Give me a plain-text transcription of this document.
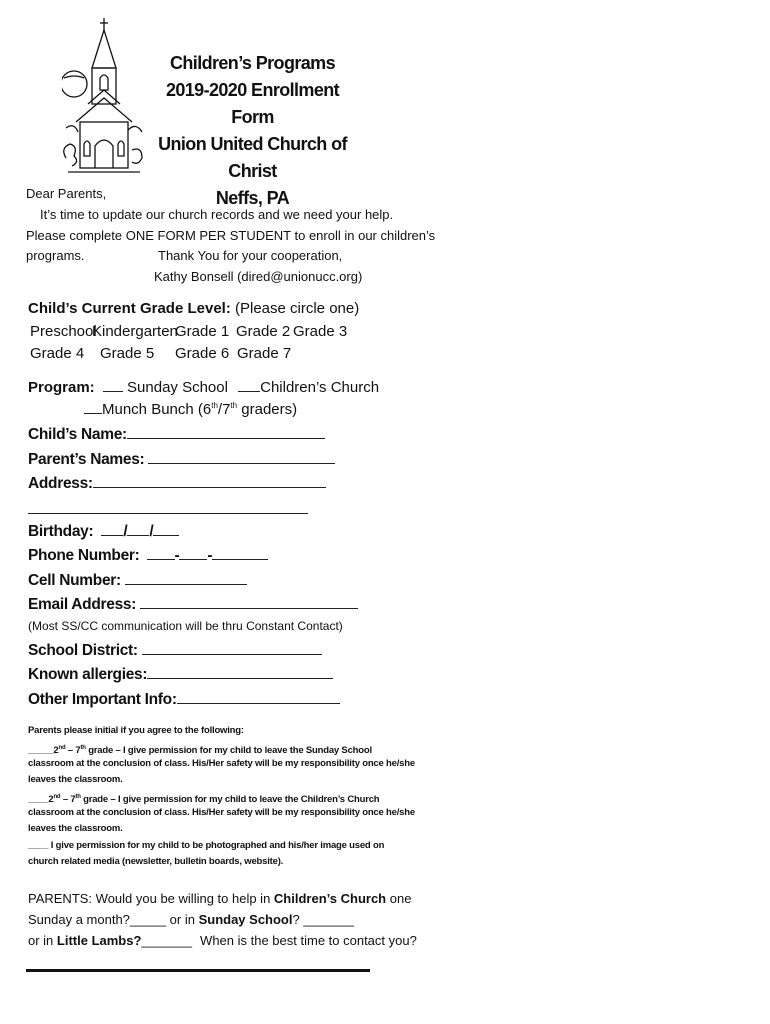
Children’s Programs
2019-2020 Enrollment Form
Union United Church of Christ
Neffs, PA
Dear Parents,
It’s time to update our church records and we need your help.
Please complete ONE FORM PER STUDENT to enroll in our children’s
programs.	Thank You for your cooperation,
Kathy Bonsell (dired@unionucc.org)
Child’s Current Grade Level: (Please circle one)
Preschool
Kindergarten
Grade 1 Grade 2 Grade 3
Grade 4 Grade 5 Grade 6 Grade 7
Program: Sunday School Children’s Church
Munch Bunch (6th/7th graders)
Child’s Name:
Parent’s Names:
Address:
Birthday: / /
Phone Number: - -
Cell Number:
Email Address:
(Most SS/CC communication will be thru Constant Contact)
School District:
Known allergies:
Other Important Info:
Parents please initial if you agree to the following:
_____2nd – 7th grade – I give permission for my child to leave the Sunday School
classroom at the conclusion of class. His/Her safety will be my responsibility once he/she
leaves the classroom.
____2nd – 7th grade – I give permission for my child to leave the Children’s Church
classroom at the conclusion of class. His/Her safety will be my responsibility once he/she
leaves the classroom.
____ I give permission for my child to be photographed and his/her image used on
church related media (newsletter, bulletin boards, website).
PARENTS: Would you be willing to help in Children’s Church one
Sunday a month?_____ or in Sunday School? _______
or in Little Lambs?_______ When is the best time to contact you?
